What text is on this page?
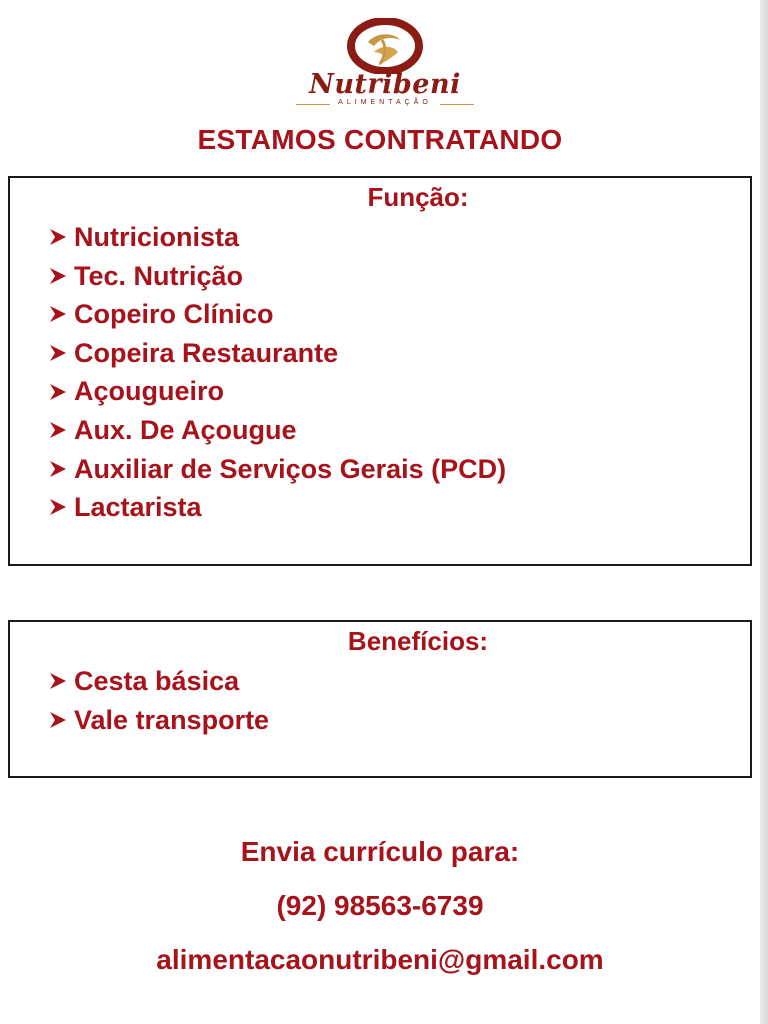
Nutribeni
ALIMENTAÇÃO
ESTAMOS CONTRATANDO
Função:
Nutricionista
Tec. Nutrição
Copeiro Clínico
Copeira Restaurante
Açougueiro
Aux. De Açougue
Auxiliar de Serviços Gerais (PCD)
Lactarista
Benefícios:
Cesta básica
Vale transporte
Envia currículo para:
(92) 98563-6739
alimentacaonutribeni@gmail.com
